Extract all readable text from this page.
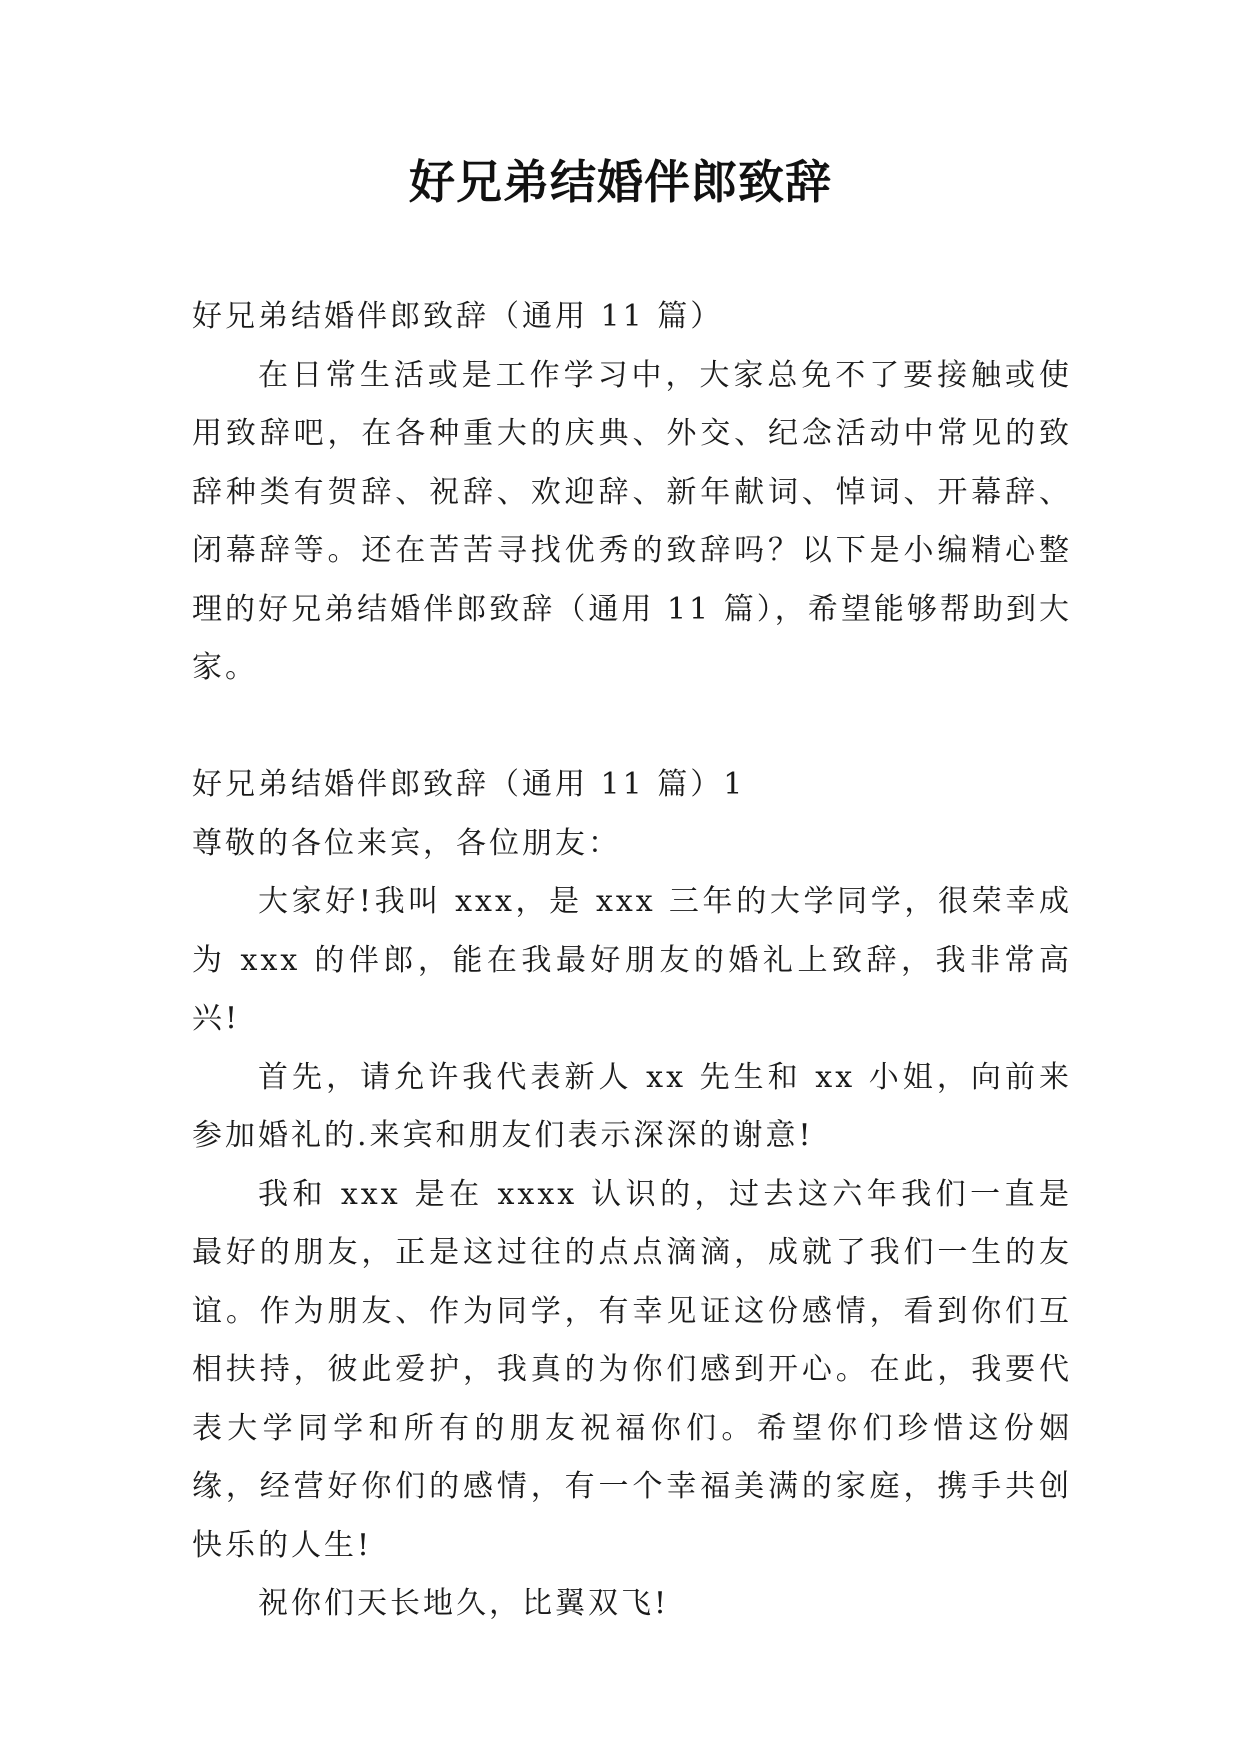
好兄弟结婚伴郎致辞

好兄弟结婚伴郎致辞（通用 11 篇）

在日常生活或是工作学习中，大家总免不了要接触或使用致辞吧，在各种重大的庆典、外交、纪念活动中常见的致辞种类有贺辞、祝辞、欢迎辞、新年献词、悼词、开幕辞、闭幕辞等。还在苦苦寻找优秀的致辞吗？以下是小编精心整理的好兄弟结婚伴郎致辞（通用 11 篇），希望能够帮助到大家。

好兄弟结婚伴郎致辞（通用 11 篇）1

尊敬的各位来宾，各位朋友：

大家好!我叫 xxx，是 xxx 三年的大学同学，很荣幸成为 xxx 的伴郎，能在我最好朋友的婚礼上致辞，我非常高兴!

首先，请允许我代表新人 xx 先生和 xx 小姐，向前来参加婚礼的.来宾和朋友们表示深深的谢意!

我和 xxx 是在 xxxx 认识的，过去这六年我们一直是最好的朋友，正是这过往的点点滴滴，成就了我们一生的友谊。作为朋友、作为同学，有幸见证这份感情，看到你们互相扶持，彼此爱护，我真的为你们感到开心。在此，我要代表大学同学和所有的朋友祝福你们。希望你们珍惜这份姻缘，经营好你们的感情，有一个幸福美满的家庭，携手共创快乐的人生!

祝你们天长地久，比翼双飞!
